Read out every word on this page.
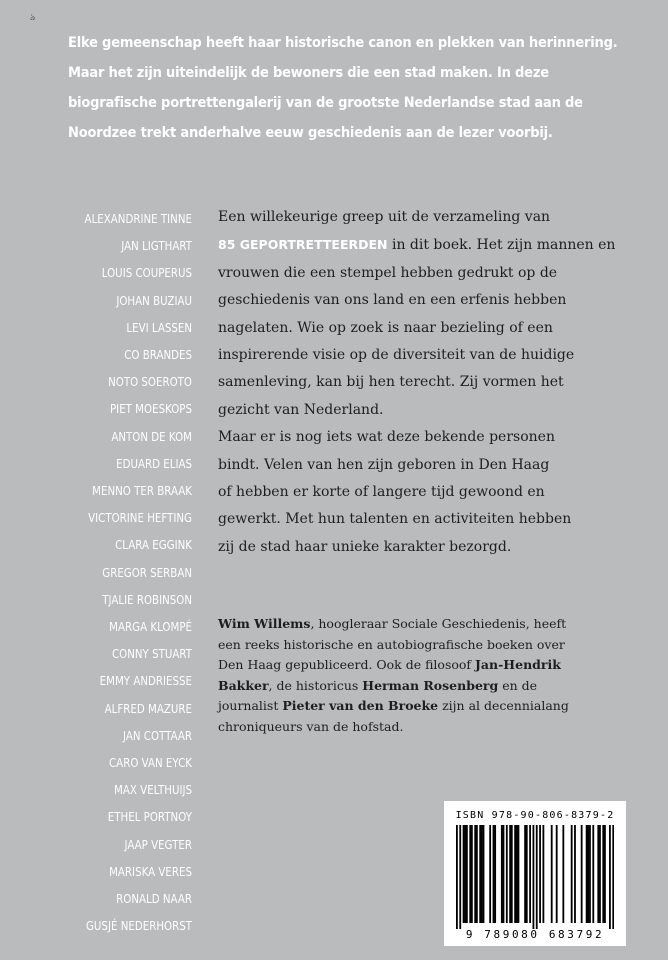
ঌ
Elke gemeenschap heeft haar historische canon en plekken van herinnering.
Maar het zijn uiteindelijk de bewoners die een stad maken. In deze
biografische portrettengalerij van de grootste Nederlandse stad aan de
Noordzee trekt anderhalve eeuw geschiedenis aan de lezer voorbij.
ALEXANDRINE TINNE
JAN LIGTHART
LOUIS COUPERUS
JOHAN BUZIAU
LEVI LASSEN
CO BRANDES
NOTO SOEROTO
PIET MOESKOPS
ANTON DE KOM
EDUARD ELIAS
MENNO TER BRAAK
VICTORINE HEFTING
CLARA EGGINK
GREGOR SERBAN
TJALIE ROBINSON
MARGA KLOMPÉ
CONNY STUART
EMMY ANDRIESSE
ALFRED MAZURE
JAN COTTAAR
CARO VAN EYCK
MAX VELTHUIJS
ETHEL PORTNOY
JAAP VEGTER
MARISKA VERES
RONALD NAAR
GUSJÉ NEDERHORST
Een willekeurige greep uit de verzameling van
85 GEPORTRETTEERDEN in dit boek. Het zijn mannen en
vrouwen die een stempel hebben gedrukt op de
geschiedenis van ons land en een erfenis hebben
nagelaten. Wie op zoek is naar bezieling of een
inspirerende visie op de diversiteit van de huidige
samenleving, kan bij hen terecht. Zij vormen het
gezicht van Nederland.
Maar er is nog iets wat deze bekende personen
bindt. Velen van hen zijn geboren in Den Haag
of hebben er korte of langere tijd gewoond en
gewerkt. Met hun talenten en activiteiten hebben
zij de stad haar unieke karakter bezorgd.
Wim Willems, hoogleraar Sociale Geschiedenis, heeft
een reeks historische en autobiografische boeken over
Den Haag gepubliceerd. Ook de filosoof Jan-Hendrik
Bakker, de historicus Herman Rosenberg en de
journalist Pieter van den Broeke zijn al decennialang
chroniqueurs van de hofstad.
ISBN 978-90-806-8379-2
9 789080 683792
